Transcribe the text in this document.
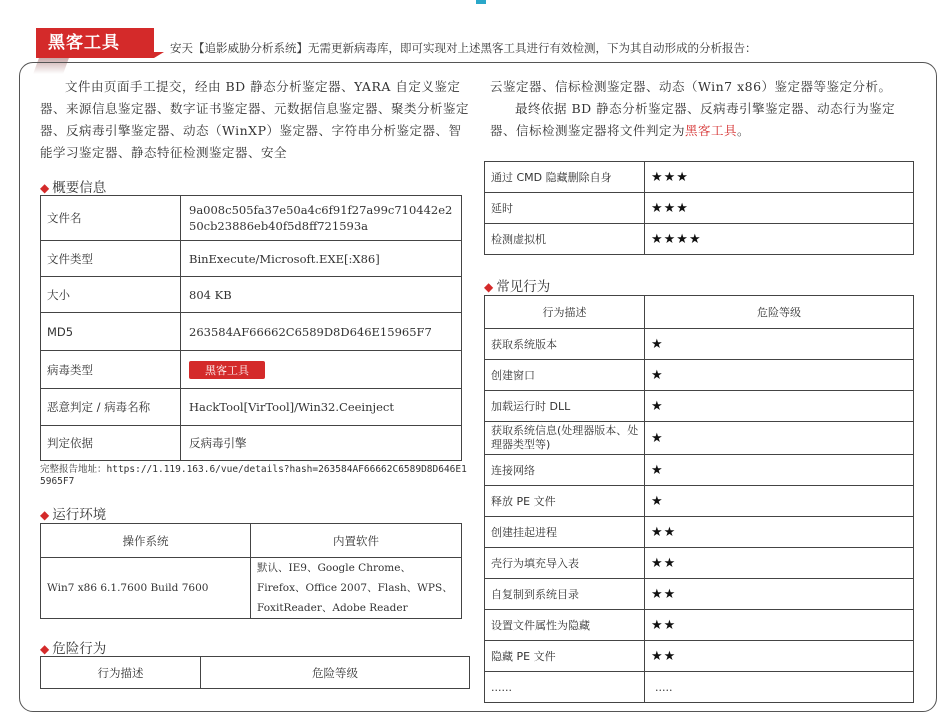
黑客工具	安天【追影威胁分析系统】无需更新病毒库，即可实现对上述黑客工具进行有效检测，下为其自动形成的分析报告：
文件由页面手工提交，经由 BD 静态分析鉴定器、YARA 自定义鉴定器、来源信息鉴定器、数字证书鉴定器、元数据信息鉴定器、聚类分析鉴定器、反病毒引擎鉴定器、动态（WinXP）鉴定器、字符串分析鉴定器、智能学习鉴定器、静态特征检测鉴定器、安全
云鉴定器、信标检测鉴定器、动态（Win7 x86）鉴定器等鉴定分析。
最终依据 BD 静态分析鉴定器、反病毒引擎鉴定器、动态行为鉴定器、信标检测鉴定器将文件判定为黑客工具。
◆ 概要信息
文件名	9a008c505fa37e50a4c6f91f27a99c710442e250cb23886eb40f5d8ff721593a
文件类型	BinExecute/Microsoft.EXE[:X86]
大小	804 KB
MD5	263584AF66662C6589D8D646E15965F7
病毒类型	黑客工具
恶意判定 / 病毒名称	HackTool[VirTool]/Win32.Ceeinject
判定依据	反病毒引擎
完整报告地址：https://1.119.163.6/vue/details?hash=263584AF66662C6589D8D646E15965F7
◆ 运行环境
操作系统	内置软件
Win7 x86 6.1.7600 Build 7600	默认、IE9、Google Chrome、
Firefox、Office 2007、Flash、WPS、
FoxitReader、Adobe Reader
◆ 危险行为
行为描述	危险等级
通过 CMD 隐藏删除自身	★★★
延时	★★★
检测虚拟机	★★★★
◆ 常见行为
行为描述	危险等级
获取系统版本	★
创建窗口	★
加载运行时 DLL	★
获取系统信息(处理器版本、处理器类型等)	★
连接网络	★
释放 PE 文件	★
创建挂起进程	★★
壳行为填充导入表	★★
自复制到系统目录	★★
设置文件属性为隐藏	★★
隐藏 PE 文件	★★
......	.....
